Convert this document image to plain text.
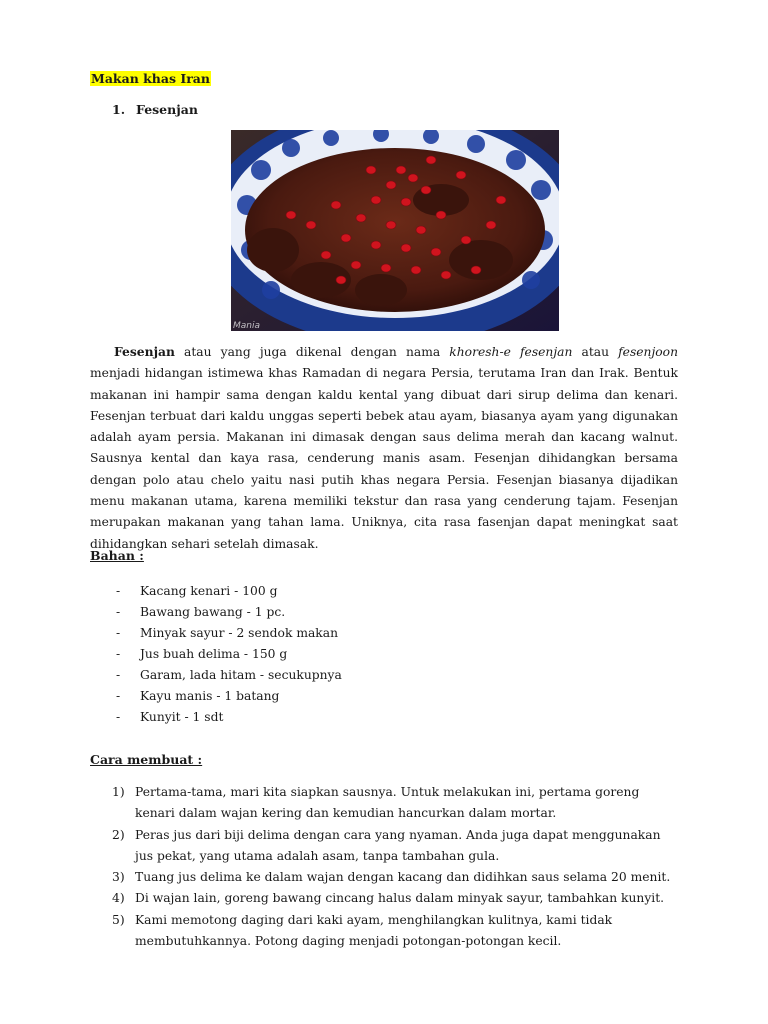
Makan khas Iran
1. Fesenjan
Mania

Fesenjan atau yang juga dikenal dengan nama khoresh-e fesenjan atau fesenjoon menjadi hidangan istimewa khas Ramadan di negara Persia, terutama Iran dan Irak. Bentuk makanan ini hampir sama dengan kaldu kental yang dibuat dari sirup delima dan kenari. Fesenjan terbuat dari kaldu unggas seperti bebek atau ayam, biasanya ayam yang digunakan adalah ayam persia. Makanan ini dimasak dengan saus delima merah dan kacang walnut. Sausnya kental dan kaya rasa, cenderung manis asam. Fesenjan dihidangkan bersama dengan polo atau chelo yaitu nasi putih khas negara Persia. Fesenjan biasanya dijadikan menu makanan utama, karena memiliki tekstur dan rasa yang cenderung tajam. Fesenjan merupakan makanan yang tahan lama. Uniknya, cita rasa fasenjan dapat meningkat saat dihidangkan sehari setelah dimasak.

Bahan :
- Kacang kenari - 100 g
- Bawang bawang - 1 pc.
- Minyak sayur - 2 sendok makan
- Jus buah delima - 150 g
- Garam, lada hitam - secukupnya
- Kayu manis - 1 batang
- Kunyit - 1 sdt
Cara membuat :
1) Pertama-tama, mari kita siapkan sausnya. Untuk melakukan ini, pertama goreng kenari dalam wajan kering dan kemudian hancurkan dalam mortar.
2) Peras jus dari biji delima dengan cara yang nyaman. Anda juga dapat menggunakan jus pekat, yang utama adalah asam, tanpa tambahan gula.
3) Tuang jus delima ke dalam wajan dengan kacang dan didihkan saus selama 20 menit.
4) Di wajan lain, goreng bawang cincang halus dalam minyak sayur, tambahkan kunyit.
5) Kami memotong daging dari kaki ayam, menghilangkan kulitnya, kami tidak membutuhkannya. Potong daging menjadi potongan-potongan kecil.
